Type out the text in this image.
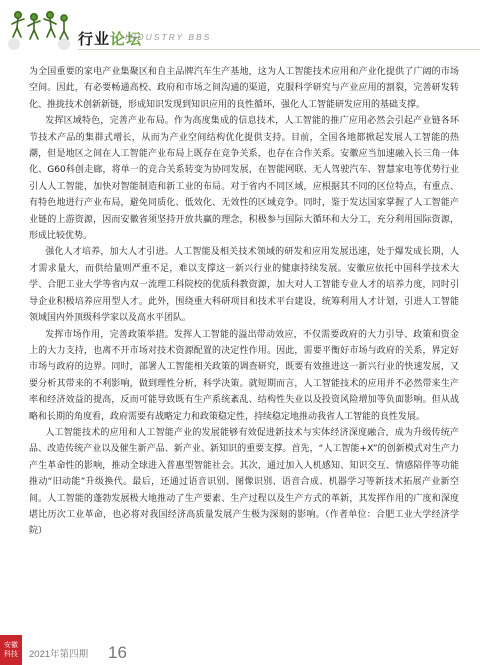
行业论坛
INDUSTRY BBS

为全国重要的家电产业集聚区和自主品牌汽车生产基地，这为人工智能技术应用和产业化提供了广阔的市场空间。因此，有必要畅通高校、政府和市场之间沟通的渠道，克服科学研究与产业应用的割裂，完善研发转化、推拢技术创新新链，形成知识发现到知识应用的良性循环，强化人工智能研发应用的基础支撑。

发挥区域特色，完善产业布局。作为高度集成的信息技术，人工智能的推广应用必然会引起产业链各环节技术产品的集群式增长，从而为产业空间结构优化提供支持。目前，全国各地都掀起发展人工智能的热潮，但是地区之间在人工智能产业布局上既存在竞争关系，也存在合作关系。安徽应当加速融入长三角一体化、G60科创走廊，将单一的竞合关系转变为协同发展，在智能网联、无人驾驶汽车、智慧家电等优势行业引人人工智能，加快对智能制造和新工业的布局。对于省内不同区域，应根据其不同的区位特点，有重点、有特色地进行产业布局，避免同质化、低效化、无效性的区域竞争。同时，鉴于发达国家掌握了人工智能产业链的上游资源，因而安徽省须坚持开放共赢的理念，积极参与国际大循环和大分工，充分利用国际资源，形成比较优势。

强化人才培养，加大人才引进。人工智能及相关技术领域的研发和应用发展迅速，处于爆发成长期，人才需求量大，而供给量则严重不足，难以支撑这一新兴行业的健康持续发展。安徽应依托中国科学技术大学、合肥工业大学等省内双一流理工科院校的优质科教资源，加大对人工智能专业人才的培养力度，同时引导企业积极培养应用型人才。此外，围绕重大科研项目和技术平台建设，统筹利用人才计划，引进人工智能领域国内外顶级科学家以及高水平团队。

发挥市场作用，完善政策举措。发挥人工智能的溢出带动效应，不仅需要政府的大力引导、政策和资金上的大力支持，也离不开市场对技术资源配置的决定性作用。因此，需要平衡好市场与政府的关系，界定好市场与政府的边界。同时，部署人工智能相关政策的调查研究，既要有效推进这一新兴行业的快速发展，又要分析其带来的不利影响，做到理性分析，科学决策。就短期而言，人工智能技术的应用并不必然带来生产率和经济效益的提高，反而可能导致既有生产系统紊乱、结构性失业以及投资风险增加等负面影响。但从战略和长期的角度看，政府需要有战略定力和政策稳定性，持续稳定地推动我省人工智能的良性发展。

人工智能技术的应用和人工智能产业的发展能够有效促进新技术与实体经济深度融合，成为升级传统产品、改造传统产业以及催生新产品、新产业、新知识的重要支撑。首先，“人工智能+X”的创新模式对生产力产生革命性的影响，推动全球进入普惠型智能社会。其次，通过加入人机感知、知识交互、情感陪伴等功能推动“旧动能”升级换代。最后，还通过语音识别、图像识别、语音合成、机器学习等新技术拓展产业新空间。人工智能的蓬勃发展极大地推动了生产要素、生产过程以及生产方式的革新，其发挥作用的广度和深度堪比历次工业革命，也必将对我国经济高质量发展产生极为深刻的影响。（作者单位：合肥工业大学经济学院）

安徽
科技 2021年第四期 16
